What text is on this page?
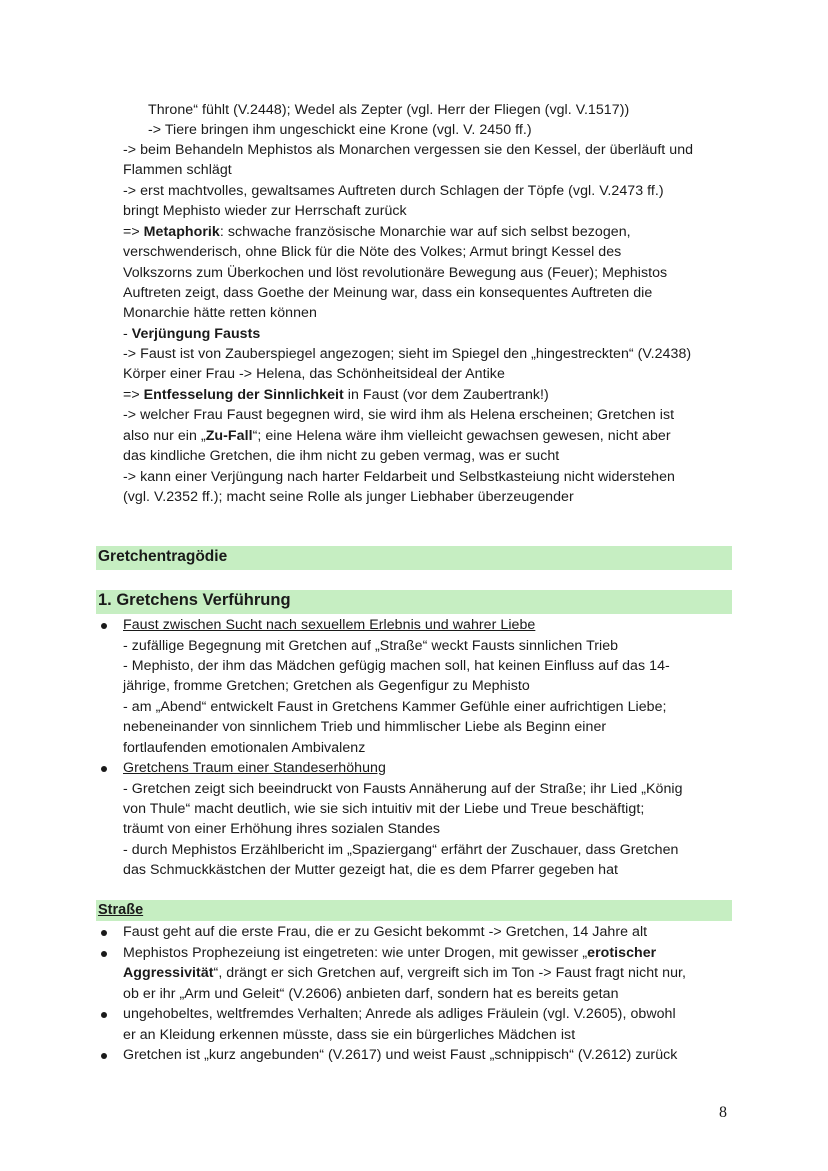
Throne“ fühlt (V.2448); Wedel als Zepter (vgl. Herr der Fliegen (vgl. V.1517))
-> Tiere bringen ihm ungeschickt eine Krone (vgl. V. 2450 ff.)
-> beim Behandeln Mephistos als Monarchen vergessen sie den Kessel, der überläuft und
Flammen schlägt
-> erst machtvolles, gewaltsames Auftreten durch Schlagen der Töpfe (vgl. V.2473 ff.)
bringt Mephisto wieder zur Herrschaft zurück
=> Metaphorik: schwache französische Monarchie war auf sich selbst bezogen,
verschwenderisch, ohne Blick für die Nöte des Volkes; Armut bringt Kessel des
Volkszorns zum Überkochen und löst revolutionäre Bewegung aus (Feuer); Mephistos
Auftreten zeigt, dass Goethe der Meinung war, dass ein konsequentes Auftreten die
Monarchie hätte retten können
- Verjüngung Fausts
-> Faust ist von Zauberspiegel angezogen; sieht im Spiegel den „hingestreckten“ (V.2438)
Körper einer Frau -> Helena, das Schönheitsideal der Antike
=> Entfesselung der Sinnlichkeit in Faust (vor dem Zaubertrank!)
-> welcher Frau Faust begegnen wird, sie wird ihm als Helena erscheinen; Gretchen ist
also nur ein „Zu-Fall“; eine Helena wäre ihm vielleicht gewachsen gewesen, nicht aber
das kindliche Gretchen, die ihm nicht zu geben vermag, was er sucht
-> kann einer Verjüngung nach harter Feldarbeit und Selbstkasteiung nicht widerstehen
(vgl. V.2352 ff.); macht seine Rolle als junger Liebhaber überzeugender
Gretchentragödie
1. Gretchens Verführung
Faust zwischen Sucht nach sexuellem Erlebnis und wahrer Liebe
- zufällige Begegnung mit Gretchen auf „Straße“ weckt Fausts sinnlichen Trieb
- Mephisto, der ihm das Mädchen gefügig machen soll, hat keinen Einfluss auf das 14-
jährige, fromme Gretchen; Gretchen als Gegenfigur zu Mephisto
- am „Abend“ entwickelt Faust in Gretchens Kammer Gefühle einer aufrichtigen Liebe;
nebeneinander von sinnlichem Trieb und himmlischer Liebe als Beginn einer
fortlaufenden emotionalen Ambivalenz
Gretchens Traum einer Standeserhöhung
- Gretchen zeigt sich beeindruckt von Fausts Annäherung auf der Straße; ihr Lied „König
von Thule“ macht deutlich, wie sie sich intuitiv mit der Liebe und Treue beschäftigt;
träumt von einer Erhöhung ihres sozialen Standes
- durch Mephistos Erzählbericht im „Spaziergang“ erfährt der Zuschauer, dass Gretchen
das Schmuckkästchen der Mutter gezeigt hat, die es dem Pfarrer gegeben hat
Straße
Faust geht auf die erste Frau, die er zu Gesicht bekommt -> Gretchen, 14 Jahre alt
Mephistos Prophezeiung ist eingetreten: wie unter Drogen, mit gewisser „erotischer
Aggressivität“, drängt er sich Gretchen auf, vergreift sich im Ton -> Faust fragt nicht nur,
ob er ihr „Arm und Geleit“ (V.2606) anbieten darf, sondern hat es bereits getan
ungehobeltes, weltfremdes Verhalten; Anrede als adliges Fräulein (vgl. V.2605), obwohl
er an Kleidung erkennen müsste, dass sie ein bürgerliches Mädchen ist
Gretchen ist „kurz angebunden“ (V.2617) und weist Faust „schnippisch“ (V.2612) zurück
8
